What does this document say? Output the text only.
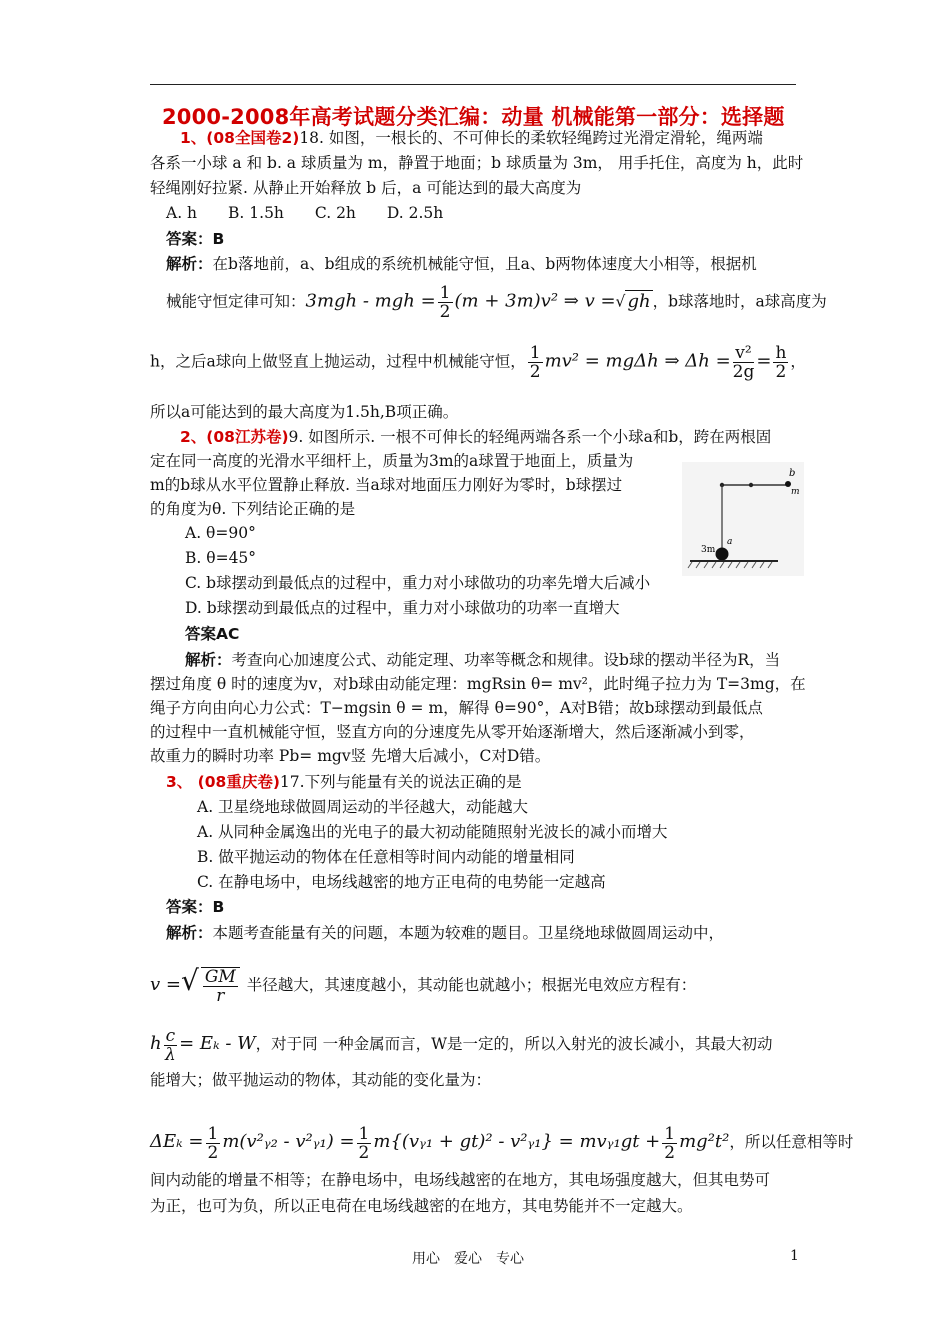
2000-2008年高考试题分类汇编：动量 机械能第一部分：选择题
1、(08全国卷2)18. 如图，一根长的、不可伸长的柔软轻绳跨过光滑定滑轮，绳两端
各系一小球 a 和 b. a 球质量为 m，静置于地面；b 球质量为 3m， 用手托住，高度为 h，此时
轻绳刚好拉紧. 从静止开始释放 b 后，a 可能达到的最大高度为
A. h　　B. 1.5h　　C. 2h　　D. 2.5h
答案：B
解析：在b落地前，a、b组成的系统机械能守恒，且a、b两物体速度大小相等，根据机
械能守恒定律可知：3mgh - mgh = $\frac{1}{2} (m + 3m)v^2$ ⇒ v =√ gh ，b球落地时，a球高度为
h，之后a球向上做竖直上抛运动，过程中机械能守恒， $\frac{1}{2} mv^2 = mg\Delta h$ ⇒ $\Delta h = \frac{\text{v²}}{2g} = \frac{h}{2}$ ，
所以a可能达到的最大高度为1.5h,B项正确。
2、(08江苏卷)9. 如图所示. 一根不可伸长的轻绳两端各系一个小球a和b，跨在两根固
定在同一高度的光滑水平细杆上，质量为3m的a球置于地面上，质量为
m的b球从水平位置静止释放. 当a球对地面压力刚好为零时，b球摆过
的角度为θ. 下列结论正确的是
b
m
3m
a
A. θ=90°
B. θ=45°
C. b球摆动到最低点的过程中，重力对小球做功的功率先增大后减小
D. b球摆动到最低点的过程中，重力对小球做功的功率一直增大
答案AC
解析：考查向心加速度公式、动能定理、功率等概念和规律。设b球的摆动半径为R，当
摆过角度 θ 时的速度为v，对b球由动能定理：mgRsin θ= mv²，此时绳子拉力为 T=3mg，在
绳子方向由向心力公式：T−mgsin θ = m，解得 θ=90°，A对B错；故b球摆动到最低点
的过程中一直机械能守恒，竖直方向的分速度先从零开始逐渐增大，然后逐渐减小到零，
故重力的瞬时功率 Pb= mgv竖 先增大后减小，C对D错。
3、 (08重庆卷)17.下列与能量有关的说法正确的是
A. 卫星绕地球做圆周运动的半径越大，动能越大
A. 从同种金属逸出的光电子的最大初动能随照射光波长的减小而增大
B. 做平抛运动的物体在任意相等时间内动能的增量相同
C. 在静电场中，电场线越密的地方正电荷的电势能一定越高
答案：B
解析：本题考查能量有关的问题，本题为较难的题目。卫星绕地球做圆周运动中，
v =√ $\frac{GM}{r}$ 半径越大，其速度越小，其动能也就越小；根据光电效应方程有：
h $\frac{c}{\lambda} = E_k - W$，对于同 一种金属而言，W是一定的，所以入射光的波长减小，其最大初动
能增大；做平抛运动的物体，其动能的变化量为：
$\Delta E_k = \frac{1}{2}$ m(v²ᵧ₂ - v²ᵧ₁) = $\frac{1}{2}$ m{(vᵧ₁ + gt)² - v²ᵧ₁} = mvᵧ₁gt + $\frac{1}{2} mg^2t^2$，所以任意相等时
间内动能的增量不相等；在静电场中，电场线越密的在地方，其电场强度越大，但其电势可
为正，也可为负，所以正电荷在电场线越密的在地方，其电势能并不一定越大。
用心　爱心　专心	1
